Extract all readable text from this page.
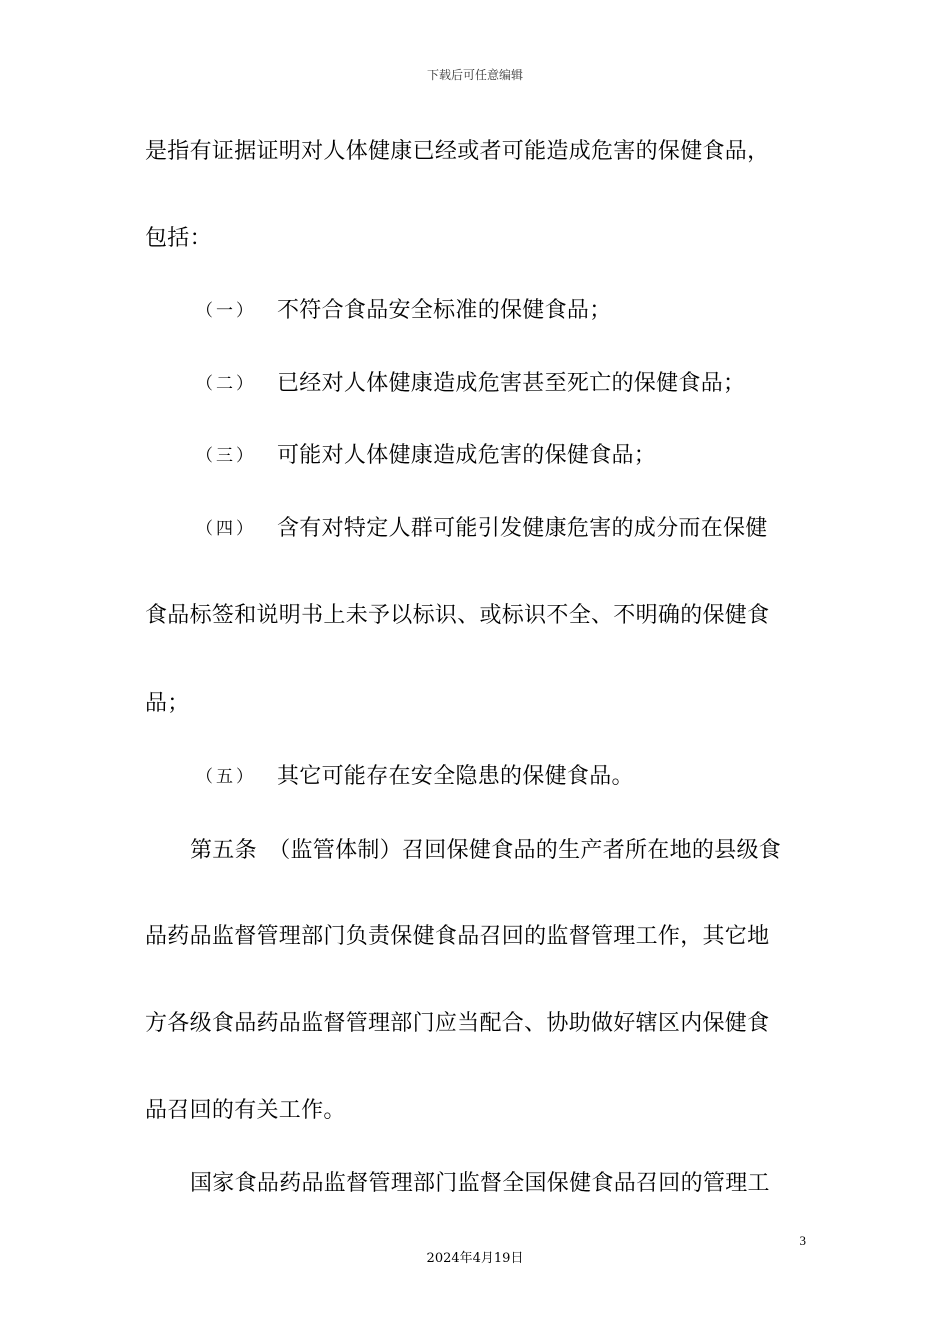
下载后可任意编辑
是指有证据证明对人体健康已经或者可能造成危害的保健食品，
包括：
（一） 不符合食品安全标准的保健食品；
（二） 已经对人体健康造成危害甚至死亡的保健食品；
（三） 可能对人体健康造成危害的保健食品；
（四） 含有对特定人群可能引发健康危害的成分而在保健
食品标签和说明书上未予以标识、或标识不全、不明确的保健食
品；
（五） 其它可能存在安全隐患的保健食品。
第五条　（监管体制）召回保健食品的生产者所在地的县级食
品药品监督管理部门负责保健食品召回的监督管理工作，其它地
方各级食品药品监督管理部门应当配合、协助做好辖区内保健食
品召回的有关工作。
国家食品药品监督管理部门监督全国保健食品召回的管理工
3
2024年4月19日
